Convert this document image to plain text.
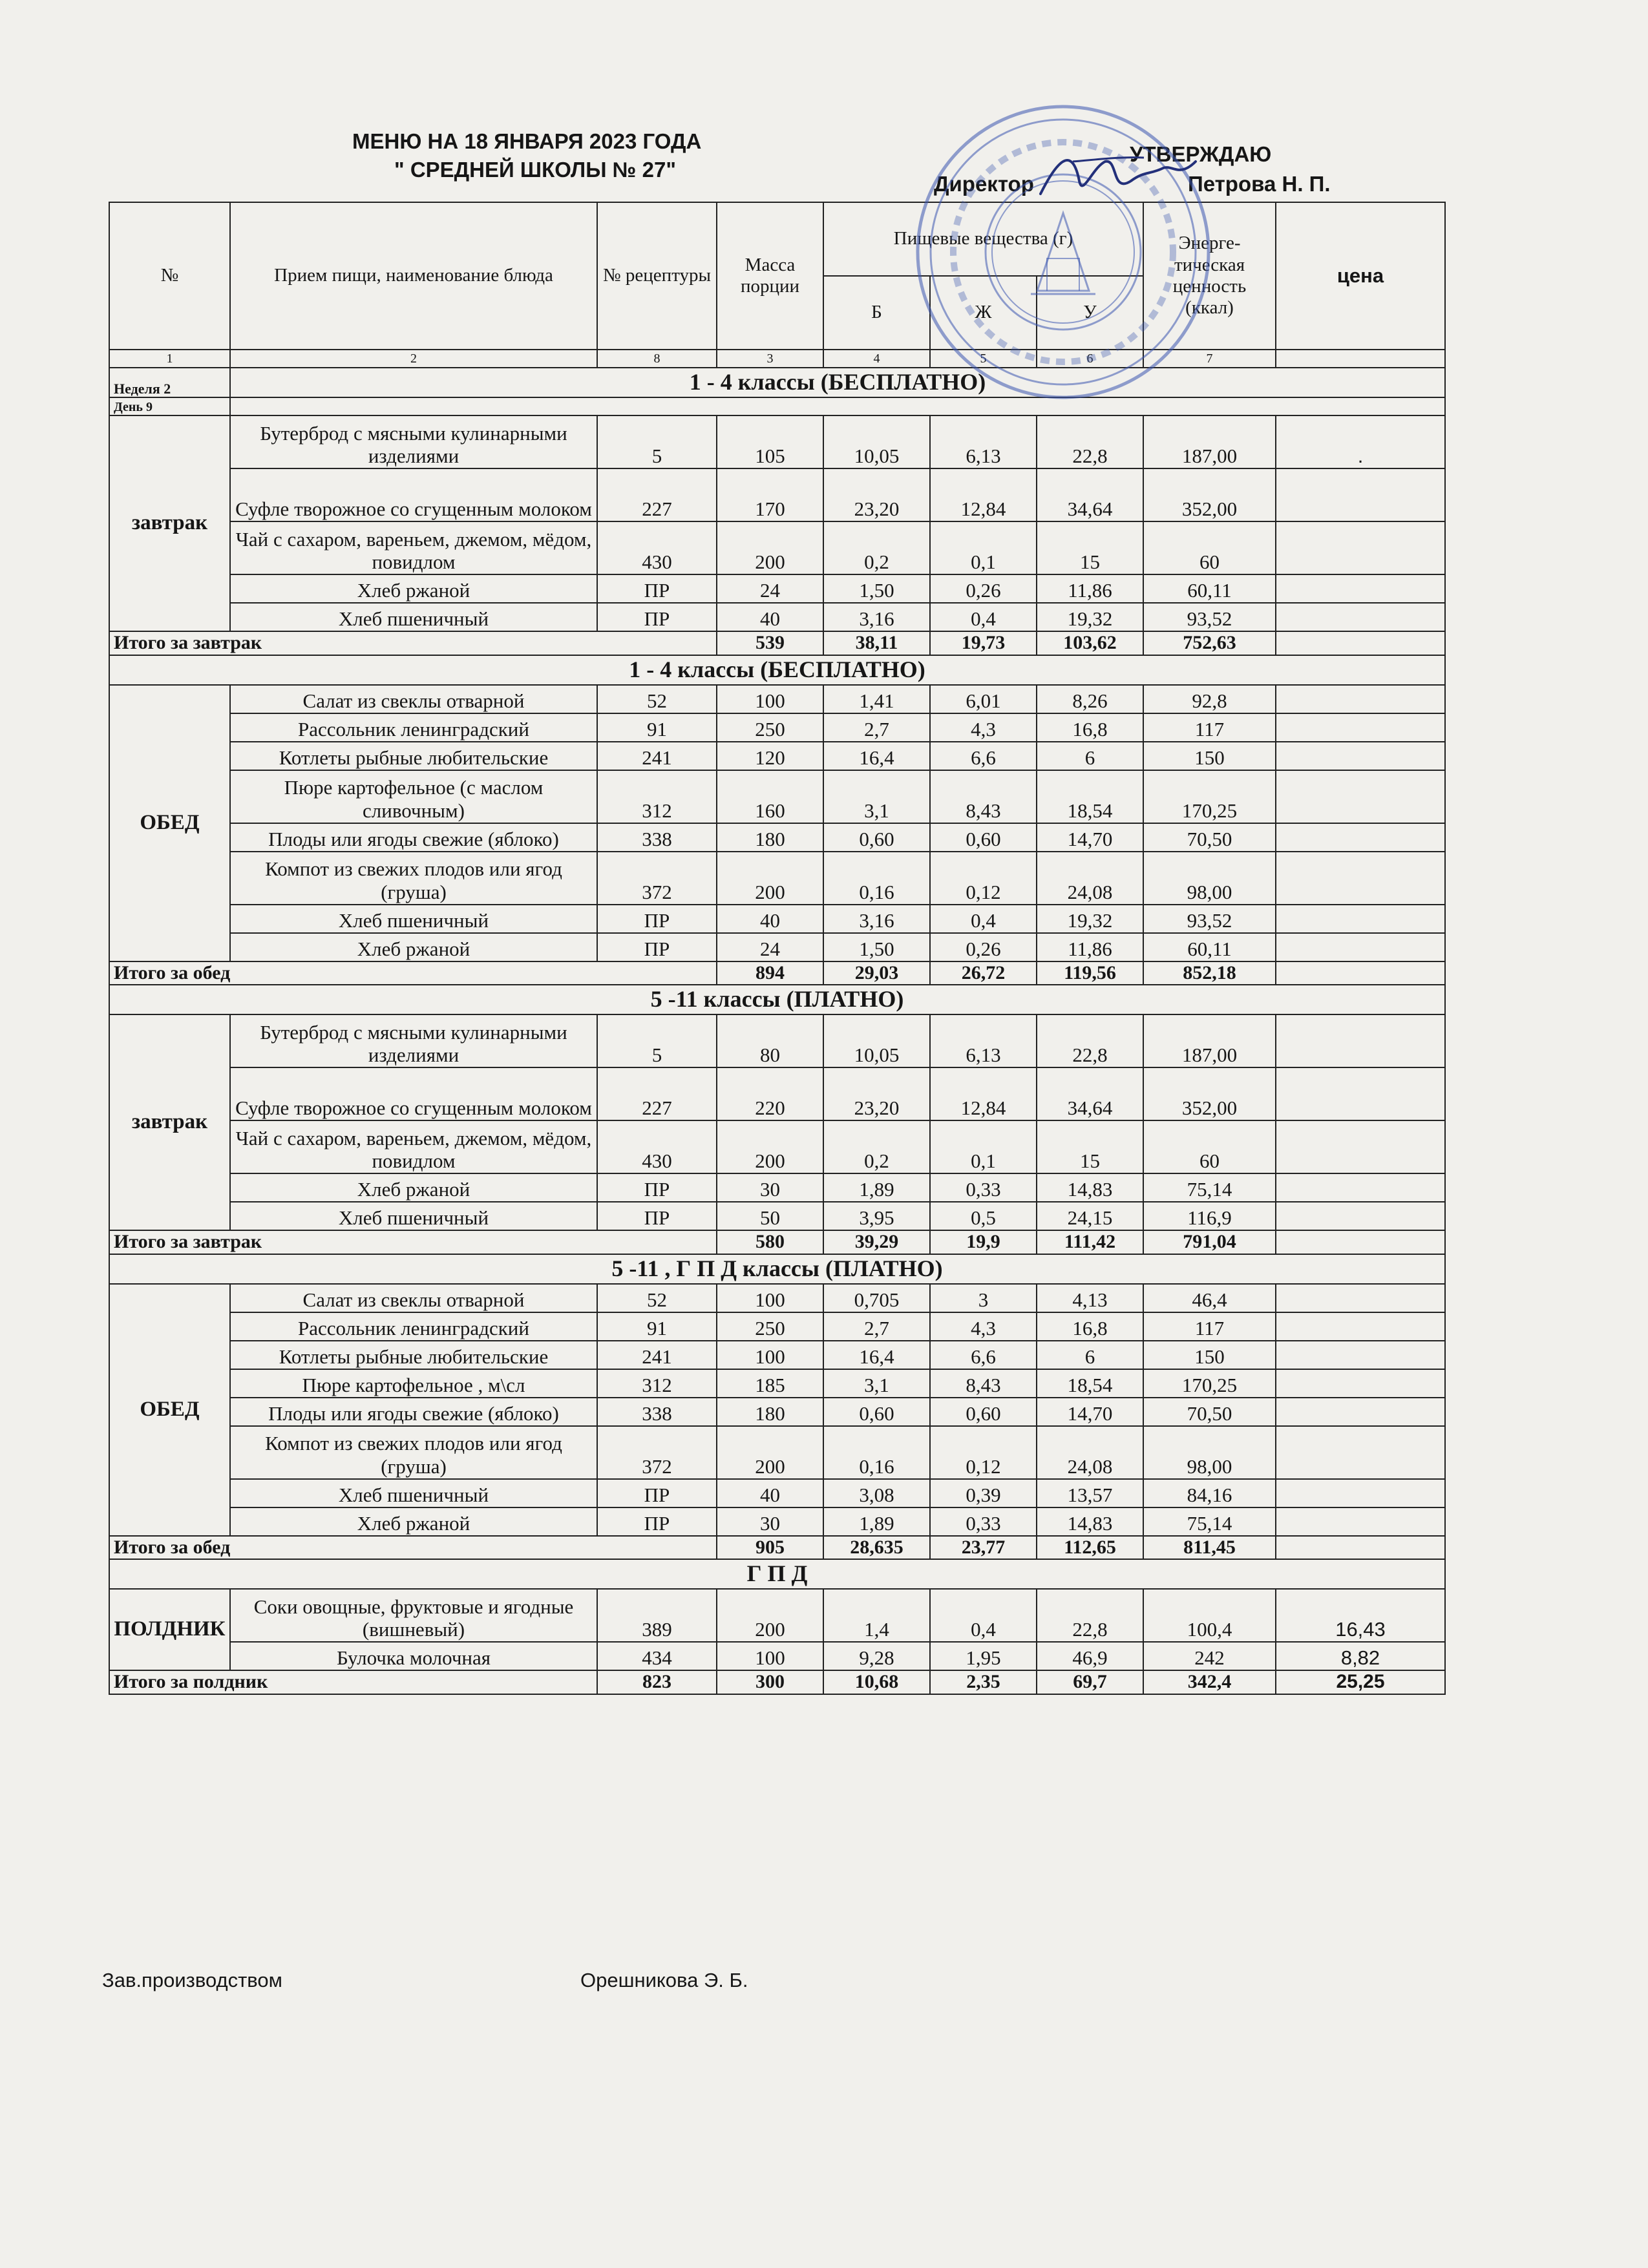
МЕНЮ НА 18 ЯНВАРЯ 2023 ГОДА
" СРЕДНЕЙ ШКОЛЫ № 27"
УТВЕРЖДАЮ
Директор	Петрова Н. П.
№	Прием пищи, наименование блюда	№ рецептуры	Масса порции	Пищевые вещества (г)			Энерге- тическая ценность (ккал)	цена
				Б	Ж	У		
1	2	8	3	4	5	6	7	
Неделя 2	1 - 4 классы (БЕСПЛАТНО)							
День 9								
завтрак	Бутерброд с мясными кулинарными изделиями	5	105	10,05	6,13	22,8	187,00	.
	Суфле творожное со сгущенным молоком	227	170	23,20	12,84	34,64	352,00	
	Чай с сахаром, вареньем, джемом, мёдом, повидлом	430	200	0,2	0,1	15	60	
	Хлеб ржаной	ПР	24	1,50	0,26	11,86	60,11	
	Хлеб пшеничный	ПР	40	3,16	0,4	19,32	93,52	
Итого за завтрак			539	38,11	19,73	103,62	752,63	
1 - 4 классы (БЕСПЛАТНО)								
ОБЕД	Салат из свеклы отварной	52	100	1,41	6,01	8,26	92,8	
	Рассольник ленинградский	91	250	2,7	4,3	16,8	117	
	Котлеты рыбные любительские	241	120	16,4	6,6	6	150	
	Пюре картофельное (с маслом сливочным)	312	160	3,1	8,43	18,54	170,25	
	Плоды или ягоды свежие (яблоко)	338	180	0,60	0,60	14,70	70,50	
	Компот из свежих плодов или ягод (груша)	372	200	0,16	0,12	24,08	98,00	
	Хлеб пшеничный	ПР	40	3,16	0,4	19,32	93,52	
	Хлеб ржаной	ПР	24	1,50	0,26	11,86	60,11	
Итого за обед			894	29,03	26,72	119,56	852,18	
5 -11 классы (ПЛАТНО)								
завтрак	Бутерброд с мясными кулинарными изделиями	5	80	10,05	6,13	22,8	187,00	
	Суфле творожное со сгущенным молоком	227	220	23,20	12,84	34,64	352,00	
	Чай с сахаром, вареньем, джемом, мёдом, повидлом	430	200	0,2	0,1	15	60	
	Хлеб ржаной	ПР	30	1,89	0,33	14,83	75,14	
	Хлеб пшеничный	ПР	50	3,95	0,5	24,15	116,9	
Итого за завтрак			580	39,29	19,9	111,42	791,04	
5 -11 , Г П Д классы (ПЛАТНО)								
ОБЕД	Салат из свеклы отварной	52	100	0,705	3	4,13	46,4	
	Рассольник ленинградский	91	250	2,7	4,3	16,8	117	
	Котлеты рыбные любительские	241	100	16,4	6,6	6	150	
	Пюре картофельное , м\сл	312	185	3,1	8,43	18,54	170,25	
	Плоды или ягоды свежие (яблоко)	338	180	0,60	0,60	14,70	70,50	
	Компот из свежих плодов или ягод (груша)	372	200	0,16	0,12	24,08	98,00	
	Хлеб пшеничный	ПР	40	3,08	0,39	13,57	84,16	
	Хлеб ржаной	ПР	30	1,89	0,33	14,83	75,14	
Итого за обед			905	28,635	23,77	112,65	811,45	
Г П Д								
ПОЛДНИК	Соки овощные, фруктовые и ягодные (вишневый)	389	200	1,4	0,4	22,8	100,4	16,43
	Булочка молочная	434	100	9,28	1,95	46,9	242	8,82
Итого за полдник		823	300	10,68	2,35	69,7	342,4	25,25
Зав.производством	Орешникова Э. Б.
